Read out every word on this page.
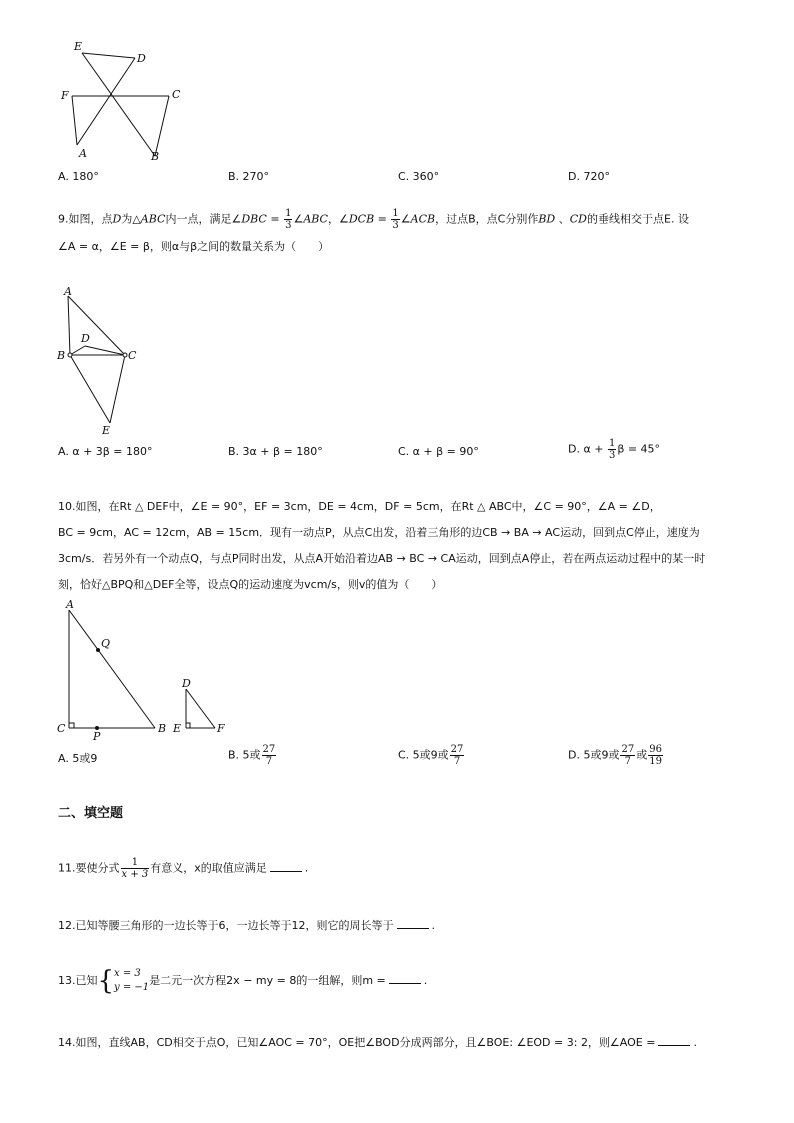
E
D
F	C
A	B
A. 180°	B. 270°	C. 360°	D. 720°
9.如图，点D为△ABC内一点，满足∠DBC = $\frac{1}{3}$ ∠ABC，∠DCB = $\frac{1}{3}$ ∠ACB，过点B，点C分别作BD 、CD的垂线相交于点E. 设
∠A = α，∠E = β，则α与β之间的数量关系为（　　）
A
D
B	C
E
A. α + 3β = 180°	B. 3α + β = 180°	C. α + β = 90°	D. $\alpha + \frac{1}{3}$ β = 45°
10.如图，在Rt △ DEF中，∠E = 90°，EF = 3cm，DE = 4cm，DF = 5cm，在Rt △ ABC中，∠C = 90°，∠A = ∠D，
BC = 9cm，AC = 12cm，AB = 15cm．现有一动点P，从点C出发，沿着三角形的边CB → BA → AC运动，回到点C停止，速度为
3cm/s．若另外有一个动点Q，与点P同时出发，从点A开始沿着边AB → BC → CA运动，回到点A停止，若在两点运动过程中的某一时
刻，恰好△BPQ和△DEF全等，设点Q的运动速度为vcm/s，则v的值为（　　）
A
Q
C
P
B
D
E	F
A. 5或9	B. 5或 $\frac{27}{7}$	C. 5或9或 $\frac{27}{7}$	D. 5或9或 $\frac{27}{7}$ 或 $\frac{96}{19}$
二、填空题
11.要使分式 $\frac{1}{x + 3}$ 有意义，x的取值应满足	.
12.已知等腰三角形的一边长等于6，一边长等于12，则它的周长等于	.
13.已知{ x = 3
y = −1
是二元一次方程2x − my = 8的一组解，则m =	.
14.如图，直线AB，CD相交于点O，已知∠AOC = 70°，OE把∠BOD分成两部分，且∠BOE: ∠EOD = 3: 2，则∠AOE =	.
